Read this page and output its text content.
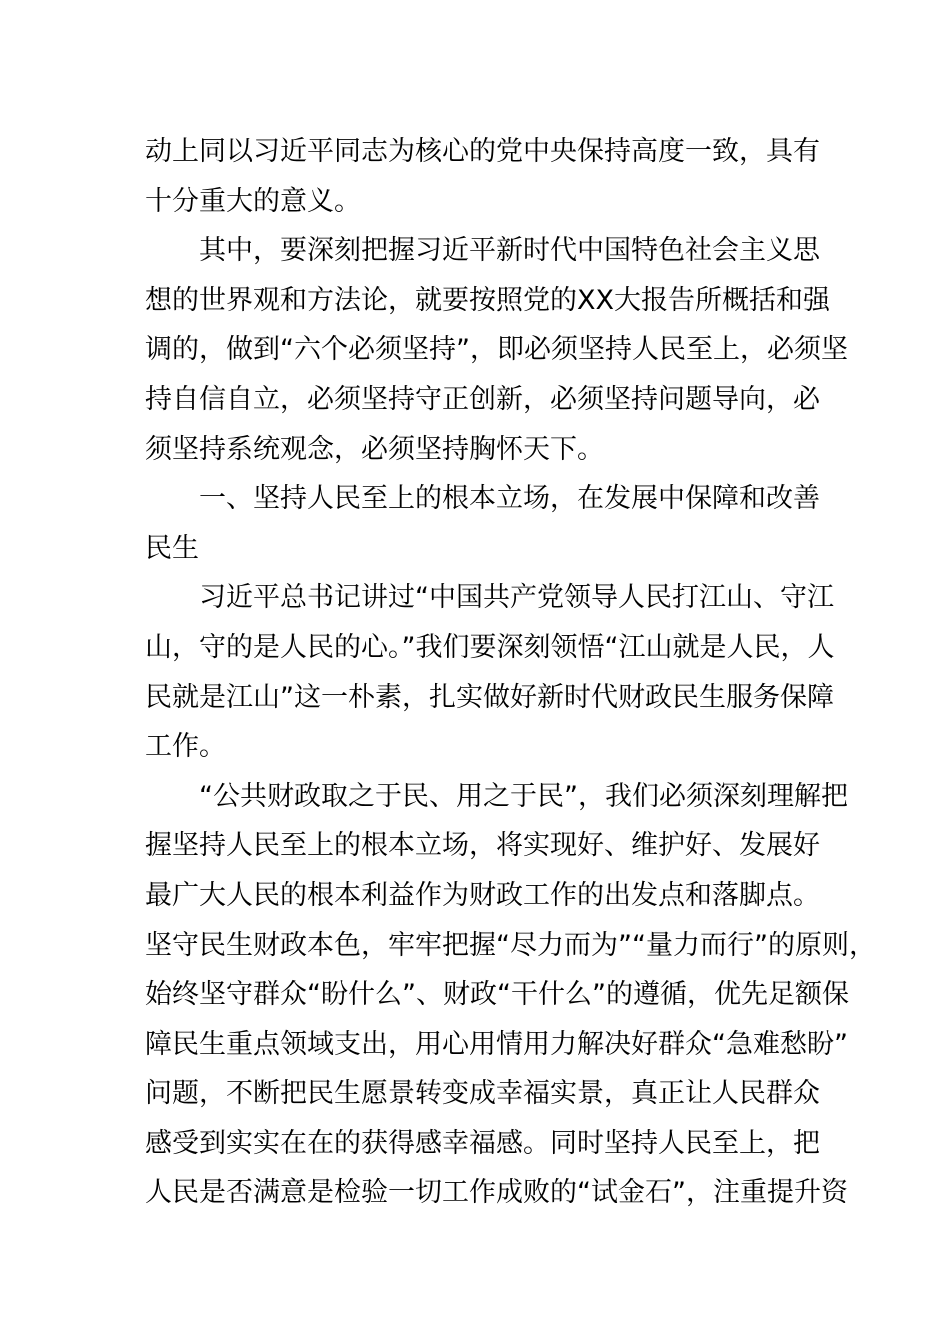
动上同以习近平同志为核心的党中央保持高度一致，具有
十分重大的意义。
其中，要深刻把握习近平新时代中国特色社会主义思
想的世界观和方法论，就要按照党的XX大报告所概括和强
调的，做到“六个必须坚持”，即必须坚持人民至上，必须坚
持自信自立，必须坚持守正创新，必须坚持问题导向，必
须坚持系统观念，必须坚持胸怀天下。
一、坚持人民至上的根本立场，在发展中保障和改善
民生
习近平总书记讲过“中国共产党领导人民打江山、守江
山，守的是人民的心。”我们要深刻领悟“江山就是人民，人
民就是江山”这一朴素，扎实做好新时代财政民生服务保障
工作。
“公共财政取之于民、用之于民”，我们必须深刻理解把
握坚持人民至上的根本立场，将实现好、维护好、发展好
最广大人民的根本利益作为财政工作的出发点和落脚点。
坚守民生财政本色，牢牢把握“尽力而为”“量力而行”的原则，
始终坚守群众“盼什么”、财政“干什么”的遵循，优先足额保
障民生重点领域支出，用心用情用力解决好群众“急难愁盼”
问题，不断把民生愿景转变成幸福实景，真正让人民群众
感受到实实在在的获得感幸福感。同时坚持人民至上，把
人民是否满意是检验一切工作成败的“试金石”，注重提升资
